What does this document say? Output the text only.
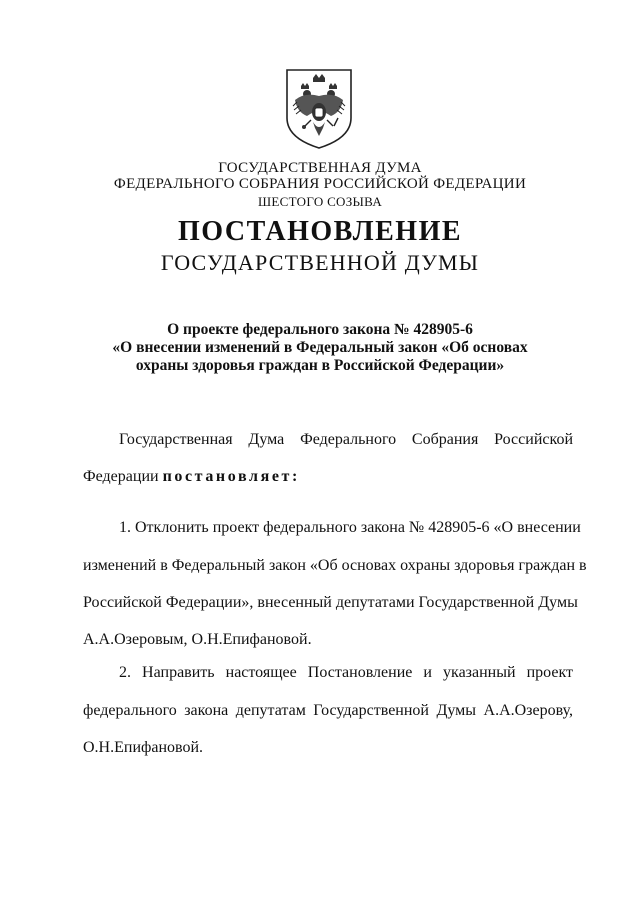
ГОСУДАРСТВЕННАЯ ДУМА
ФЕДЕРАЛЬНОГО СОБРАНИЯ РОССИЙСКОЙ ФЕДЕРАЦИИ
ШЕСТОГО СОЗЫВА
ПОСТАНОВЛЕНИЕ
ГОСУДАРСТВЕННОЙ ДУМЫ
О проекте федерального закона № 428905-6
«О внесении изменений в Федеральный закон «Об основах
охраны здоровья граждан в Российской Федерации»
Государственная Дума Федерального Собрания Российской
Федерации постановляет:
1. Отклонить проект федерального закона № 428905-6 «О внесении
изменений в Федеральный закон «Об основах охраны здоровья граждан в
Российской Федерации», внесенный депутатами Государственной Думы
А.А.Озеровым, О.Н.Епифановой.
2. Направить настоящее Постановление и указанный проект
федерального закона депутатам Государственной Думы А.А.Озерову,
О.Н.Епифановой.
